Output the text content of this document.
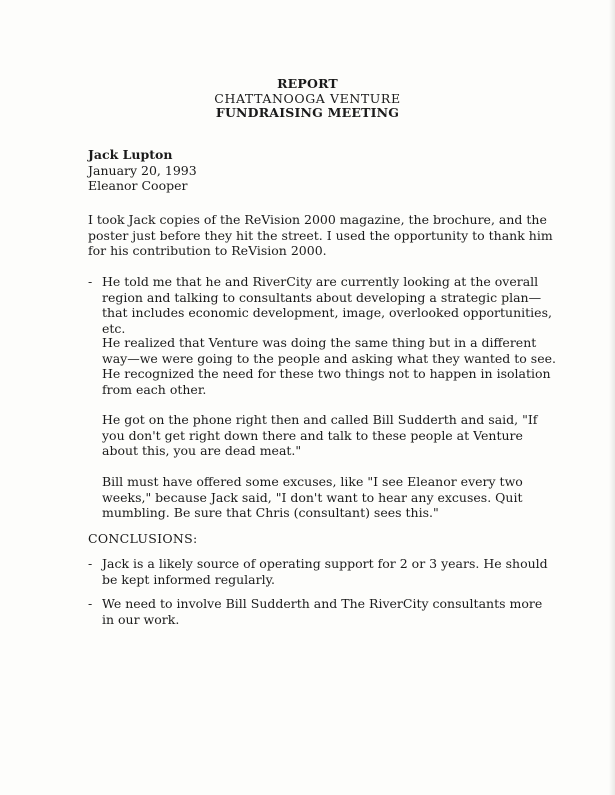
REPORT
CHATTANOOGA VENTURE
FUNDRAISING MEETING
Jack Lupton
January 20, 1993
Eleanor Cooper

I took Jack copies of the ReVision 2000 magazine, the brochure, and the poster just before they hit the street. I used the opportunity to thank him for his contribution to ReVision 2000.

- He told me that he and RiverCity are currently looking at the overall region and talking to consultants about developing a strategic plan—that includes economic development, image, overlooked opportunities, etc.

He realized that Venture was doing the same thing but in a different way—we were going to the people and asking what they wanted to see. He recognized the need for these two things not to happen in isolation from each other.

He got on the phone right then and called Bill Sudderth and said, "If you don't get right down there and talk to these people at Venture about this, you are dead meat."

Bill must have offered some excuses, like "I see Eleanor every two weeks," because Jack said, "I don't want to hear any excuses. Quit mumbling. Be sure that Chris (consultant) sees this."

CONCLUSIONS:
- Jack is a likely source of operating support for 2 or 3 years. He should be kept informed regularly.
- We need to involve Bill Sudderth and The RiverCity consultants more in our work.
